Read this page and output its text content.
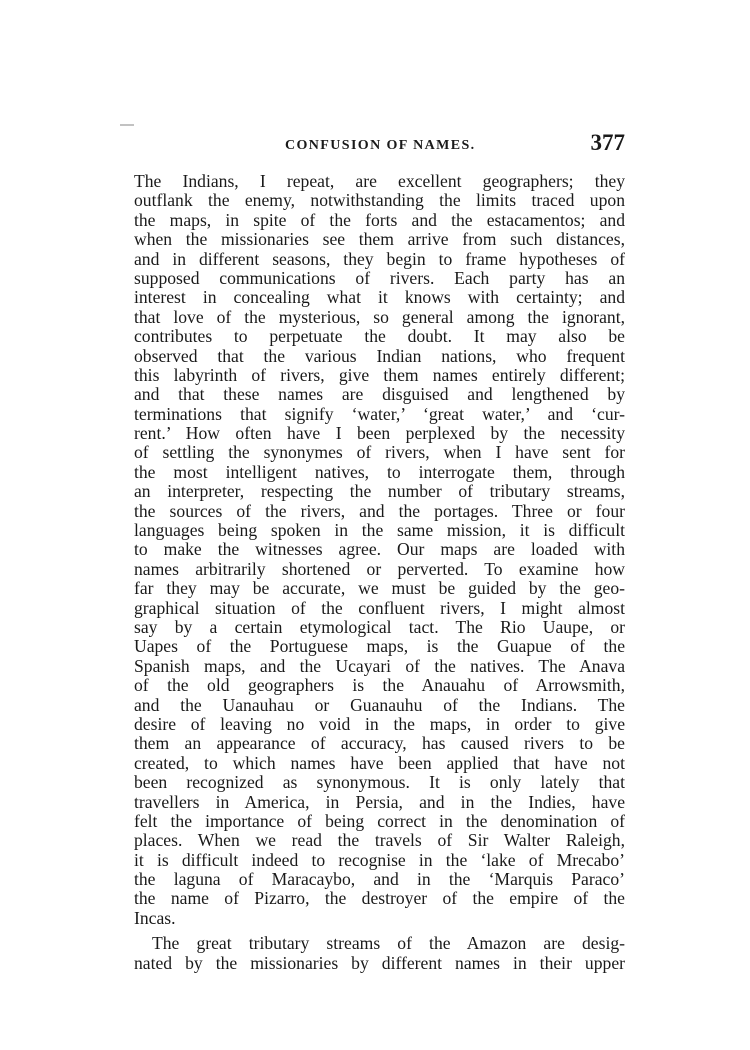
CONFUSION OF NAMES.	377
The Indians, I repeat, are excellent geographers; they
outflank the enemy, notwithstanding the limits traced upon
the maps, in spite of the forts and the estacamentos; and
when the missionaries see them arrive from such distances,
and in different seasons, they begin to frame hypotheses of
supposed communications of rivers. Each party has an
interest in concealing what it knows with certainty; and
that love of the mysterious, so general among the ignorant,
contributes to perpetuate the doubt. It may also be
observed that the various Indian nations, who frequent
this labyrinth of rivers, give them names entirely different;
and that these names are disguised and lengthened by
terminations that signify ‘water,’ ‘great water,’ and ‘cur-
rent.’ How often have I been perplexed by the necessity
of settling the synonymes of rivers, when I have sent for
the most intelligent natives, to interrogate them, through
an interpreter, respecting the number of tributary streams,
the sources of the rivers, and the portages. Three or four
languages being spoken in the same mission, it is difficult
to make the witnesses agree. Our maps are loaded with
names arbitrarily shortened or perverted. To examine how
far they may be accurate, we must be guided by the geo-
graphical situation of the confluent rivers, I might almost
say by a certain etymological tact. The Rio Uaupe, or
Uapes of the Portuguese maps, is the Guapue of the
Spanish maps, and the Ucayari of the natives. The Anava
of the old geographers is the Anauahu of Arrowsmith,
and the Uanauhau or Guanauhu of the Indians. The
desire of leaving no void in the maps, in order to give
them an appearance of accuracy, has caused rivers to be
created, to which names have been applied that have not
been recognized as synonymous. It is only lately that
travellers in America, in Persia, and in the Indies, have
felt the importance of being correct in the denomination of
places. When we read the travels of Sir Walter Raleigh,
it is difficult indeed to recognise in the ‘lake of Mrecabo’
the laguna of Maracaybo, and in the ‘Marquis Paraco’
the name of Pizarro, the destroyer of the empire of the
Incas.
The great tributary streams of the Amazon are desig-
nated by the missionaries by different names in their upper
